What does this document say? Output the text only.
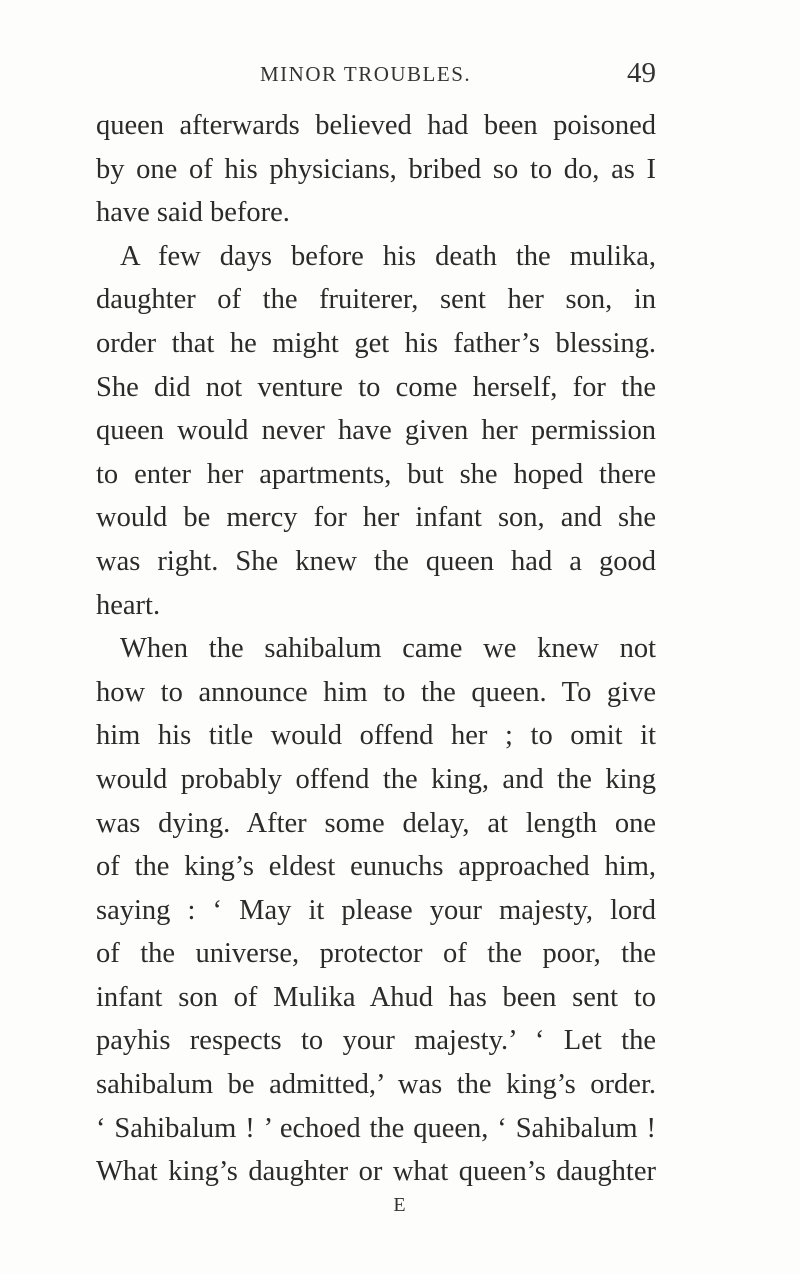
MINOR TROUBLES.	49
queen afterwards believed had been poisoned
by one of his physicians, bribed so to do, as I
have said before.
A few days before his death the mulika,
daughter of the fruiterer, sent her son, in
order that he might get his father’s blessing.
She did not venture to come herself, for the
queen would never have given her permission
to enter her apartments, but she hoped there
would be mercy for her infant son, and she
was right. She knew the queen had a good
heart.
When the sahibalum came we knew not
how to announce him to the queen. To give
him his title would offend her ; to omit it
would probably offend the king, and the king
was dying. After some delay, at length one
of the king’s eldest eunuchs approached him,
saying : ‘ May it please your majesty, lord
of the universe, protector of the poor, the
infant son of Mulika Ahud has been sent to
payhis respects to your majesty.’ ‘ Let the
sahibalum be admitted,’ was the king’s order.
‘ Sahibalum ! ’ echoed the queen, ‘ Sahibalum !
What king’s daughter or what queen’s daughter
E
